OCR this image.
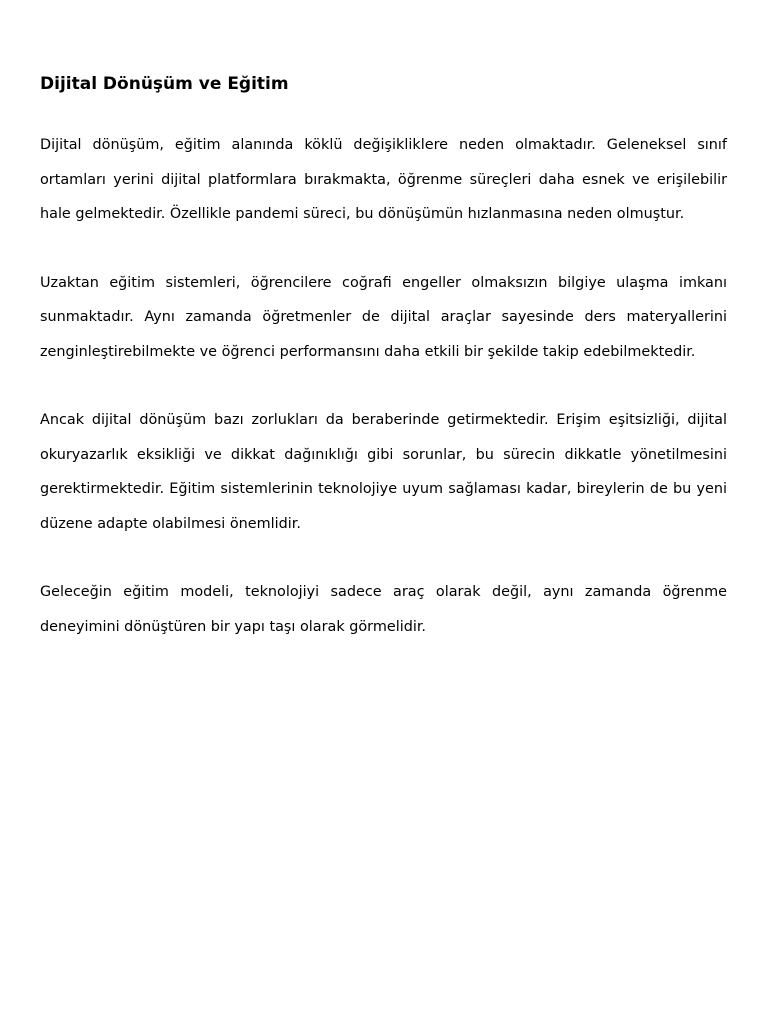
Dijital Dönüşüm ve Eğitim

Dijital dönüşüm, eğitim alanında köklü değişikliklere neden olmaktadır. Geleneksel sınıf ortamları yerini dijital platformlara bırakmakta, öğrenme süreçleri daha esnek ve erişilebilir hale gelmektedir. Özellikle pandemi süreci, bu dönüşümün hızlanmasına neden olmuştur.

Uzaktan eğitim sistemleri, öğrencilere coğrafi engeller olmaksızın bilgiye ulaşma imkanı sunmaktadır. Aynı zamanda öğretmenler de dijital araçlar sayesinde ders materyallerini zenginleştirebilmekte ve öğrenci performansını daha etkili bir şekilde takip edebilmektedir.

Ancak dijital dönüşüm bazı zorlukları da beraberinde getirmektedir. Erişim eşitsizliği, dijital okuryazarlık eksikliği ve dikkat dağınıklığı gibi sorunlar, bu sürecin dikkatle yönetilmesini gerektirmektedir. Eğitim sistemlerinin teknolojiye uyum sağlaması kadar, bireylerin de bu yeni düzene adapte olabilmesi önemlidir.

Geleceğin eğitim modeli, teknolojiyi sadece araç olarak değil, aynı zamanda öğrenme deneyimini dönüştüren bir yapı taşı olarak görmelidir.
